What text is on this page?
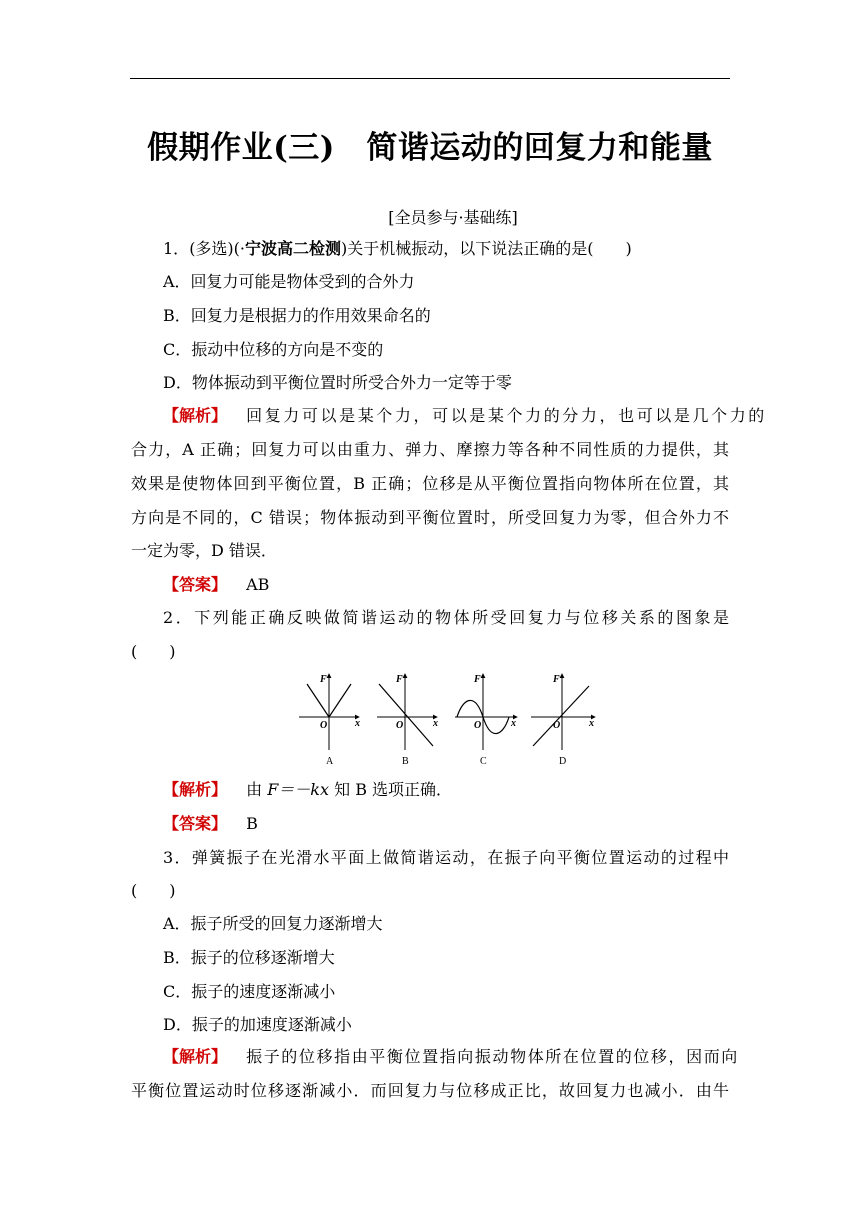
假期作业(三)　简谐运动的回复力和能量
[全员参与·基础练]
1．(多选)(·宁波高二检测)关于机械振动，以下说法正确的是(　　)
A．回复力可能是物体受到的合外力
B．回复力是根据力的作用效果命名的
C．振动中位移的方向是不变的
D．物体振动到平衡位置时所受合外力一定等于零
【解析】 回复力可以是某个力，可以是某个力的分力，也可以是几个力的
合力，A 正确；回复力可以由重力、弹力、摩擦力等各种不同性质的力提供，其
效果是使物体回到平衡位置，B 正确；位移是从平衡位置指向物体所在位置，其
方向是不同的，C 错误；物体振动到平衡位置时，所受回复力为零，但合外力不
一定为零，D 错误．
【答案】 AB
2．下列能正确反映做简谐运动的物体所受回复力与位移关系的图象是
(　　)
F
x
O
A
F
x
O
B
F
x
O
C
F
x
O
D
【解析】 由 F＝－kx 知 B 选项正确．
【答案】 B
3．弹簧振子在光滑水平面上做简谐运动，在振子向平衡位置运动的过程中
(　　)
A．振子所受的回复力逐渐增大
B．振子的位移逐渐增大
C．振子的速度逐渐减小
D．振子的加速度逐渐减小
【解析】 振子的位移指由平衡位置指向振动物体所在位置的位移，因而向
平衡位置运动时位移逐渐减小．而回复力与位移成正比，故回复力也减小．由牛
